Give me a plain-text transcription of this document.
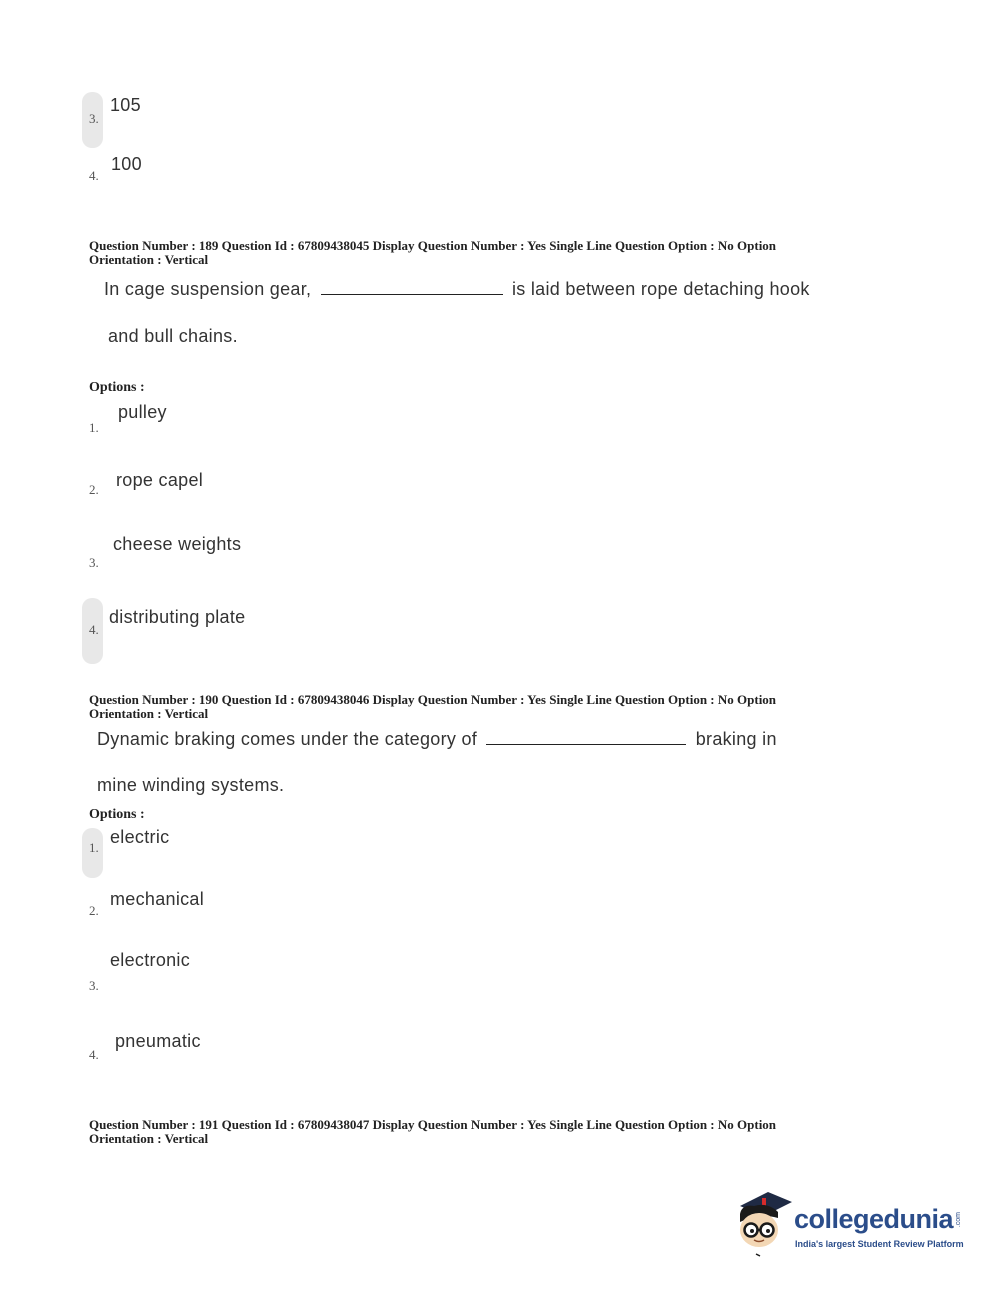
3.
105
4.
100
Question Number : 189 Question Id : 67809438045 Display Question Number : Yes Single Line Question Option : No Option
Orientation : Vertical
In cage suspension gear,	is laid between rope detaching hook
and bull chains.
Options :
1.
pulley
2. rope capel
3.
cheese weights
4.
distributing plate
Question Number : 190 Question Id : 67809438046 Display Question Number : Yes Single Line Question Option : No Option
Orientation : Vertical
Dynamic braking comes under the category of	braking in
mine winding systems.
Options :
1.
electric
2.
mechanical
3.
electronic
4.
pneumatic
Question Number : 191 Question Id : 67809438047 Display Question Number : Yes Single Line Question Option : No Option
Orientation : Vertical
collegedunia .com
India's largest Student Review Platform
